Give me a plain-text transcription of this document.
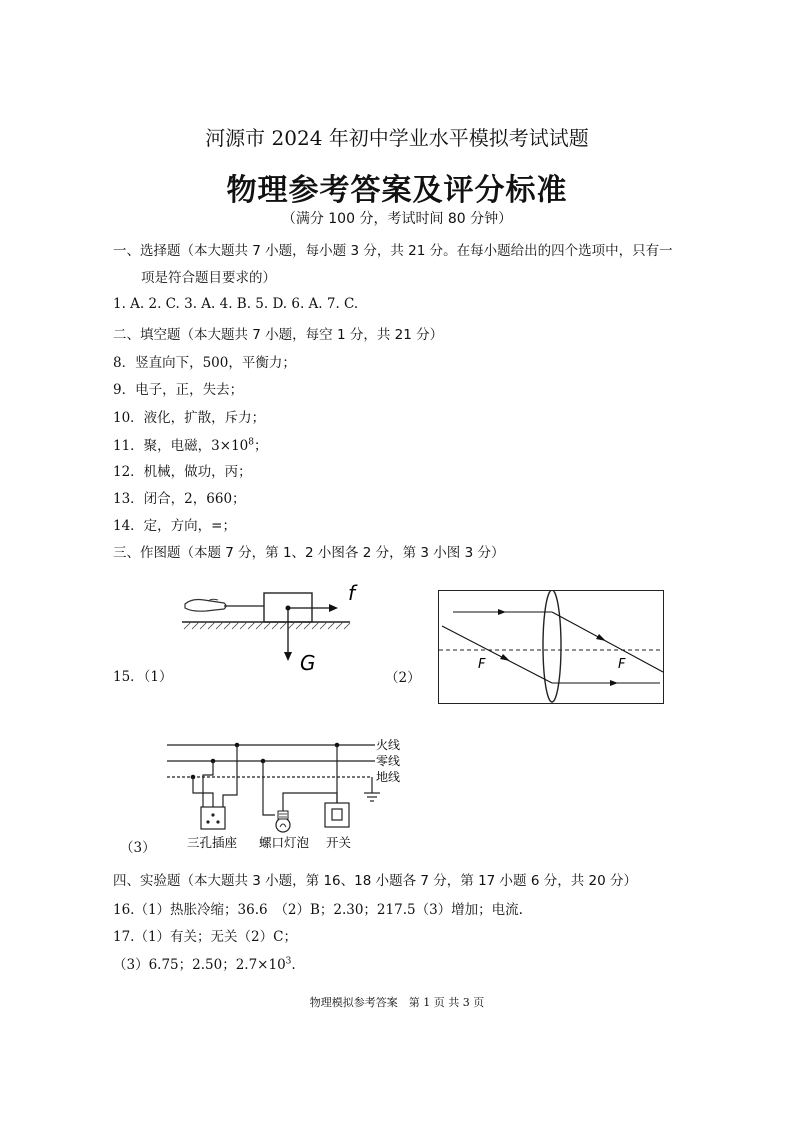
河源市 2024 年初中学业水平模拟考试试题
物理参考答案及评分标准
（满分 100 分，考试时间 80 分钟）
一、选择题（本大题共 7 小题，每小题 3 分，共 21 分。在每小题给出的四个选项中，只有一
项是符合题目要求的）
1. A. 2. C. 3. A. 4. B. 5. D. 6. A. 7. C.
二、填空题（本大题共 7 小题，每空 1 分，共 21 分）
8．竖直向下，500，平衡力；
9．电子，正，失去；
10．液化，扩散，斥力；
11．聚，电磁，$3\times 10^8$；
12．机械，做功，丙；
13．闭合，2，660；
14．定，方向，=；
三、作图题（本题 7 分，第 1、2 小图各 2 分，第 3 小图 3 分）
f
G
15．（1）	（2）
F	F
（3）
火线
零线
地线
三孔插座 螺口灯泡 开关
四、实验题（本大题共 3 小题，第 16、18 小题各 7 分，第 17 小题 6 分，共 20 分）
16.（1）热胀冷缩；36.6　（2）B；2.30；217.5（3）增加；电流.
17.（1）有关；无关（2）C；
（3）6.75；2.50；$2.7\times 10^3$.
物理模拟参考答案　第 1 页 共 3 页
